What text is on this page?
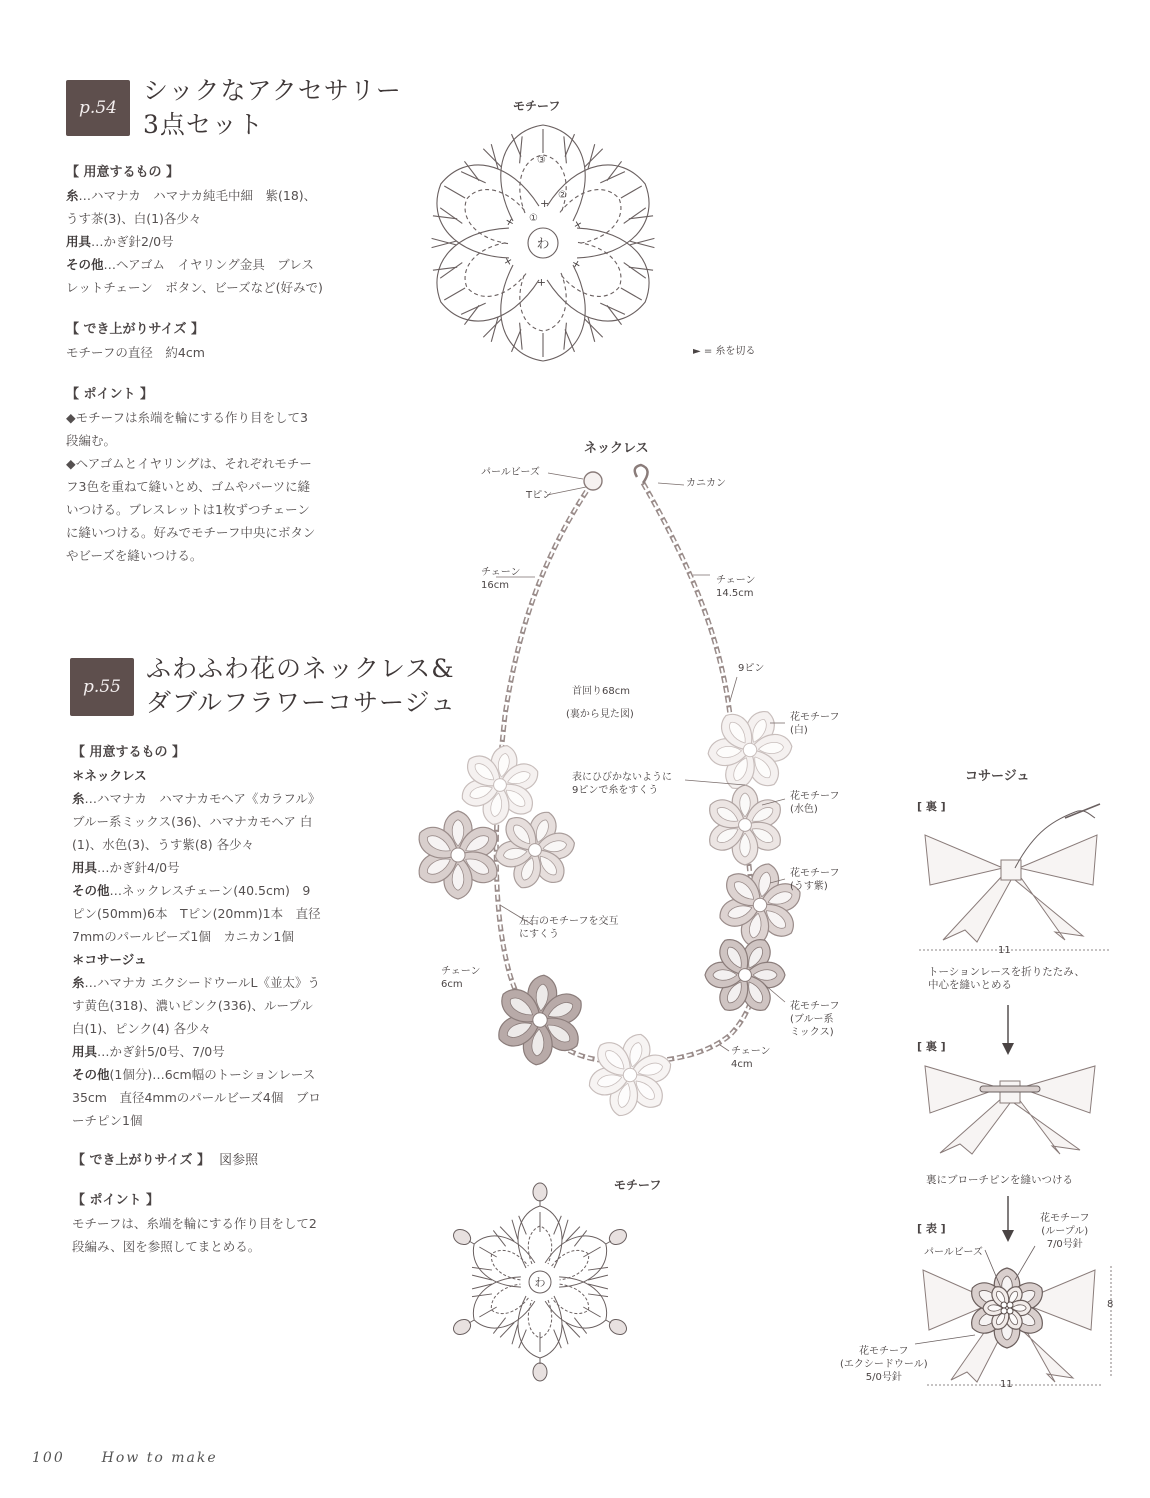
p.54
シックなアクセサリー
3点セット
【 用意するもの 】
糸…ハマナカ　ハマナカ純毛中細　紫(18)、
うす茶(3)、白(1)各少々
用具…かぎ針2/0号
その他…ヘアゴム　イヤリング金具　ブレス
レットチェーン　ボタン、ビーズなど(好みで)
【 でき上がりサイズ 】
モチーフの直径　約4cm
【 ポイント 】
◆モチーフは糸端を輪にする作り目をして3
段編む。
◆ヘアゴムとイヤリングは、それぞれモチー
フ3色を重ねて縫いとめ、ゴムやパーツに縫
いつける。ブレスレットは1枚ずつチェーン
に縫いつける。好みでモチーフ中央にボタン
やビーズを縫いつける。
p.55
ふわふわ花のネックレス&
ダブルフラワーコサージュ
【 用意するもの 】
＊ネックレス
糸…ハマナカ　ハマナカモヘア《カラフル》
ブルー系ミックス(36)、ハマナカモヘア 白
(1)、水色(3)、うす紫(8) 各少々
用具…かぎ針4/0号
その他…ネックレスチェーン(40.5cm)　9
ピン(50mm)6本　Tピン(20mm)1本　直径
7mmのパールビーズ1個　カニカン1個
＊コサージュ
糸…ハマナカ エクシードウールL《並太》う
す黄色(318)、濃いピンク(336)、ループル
白(1)、ピンク(4) 各少々
用具…かぎ針5/0号、7/0号
その他(1個分)…6cm幅のトーションレース
35cm　直径4mmのパールビーズ4個　ブロ
ーチピン1個
【 でき上がりサイズ 】 図参照
【 ポイント 】
モチーフは、糸端を輪にする作り目をして2
段編み、図を参照してまとめる。
モチーフ
+
+
+
+
+
+
わ
①
②
③
► = 糸を切る
ネックレス
パールビーズ
Tピン
カニカン
チェーン
16cm	チェーン
14.5cm
9ピン
首回り68cm
(裏から見た図)
表にひびかないように
9ピンで糸をすくう
花モチーフ
(白)
花モチーフ
(水色)
花モチーフ
(うす紫)
左右のモチーフを交互
にすくう
チェーン
6cm
花モチーフ
(ブルー系
ミックス)
チェーン
4cm
モチーフ
わ
コサージュ
[ 裏 ]
11
トーションレースを折りたたみ、
中心を縫いとめる
[ 裏 ]
裏にブローチピンを縫いつける
[ 表 ]
パールビーズ
花モチーフ
(ループル)
7/0号針
8
11
花モチーフ
(エクシードウール)
5/0号針
100	How to make
